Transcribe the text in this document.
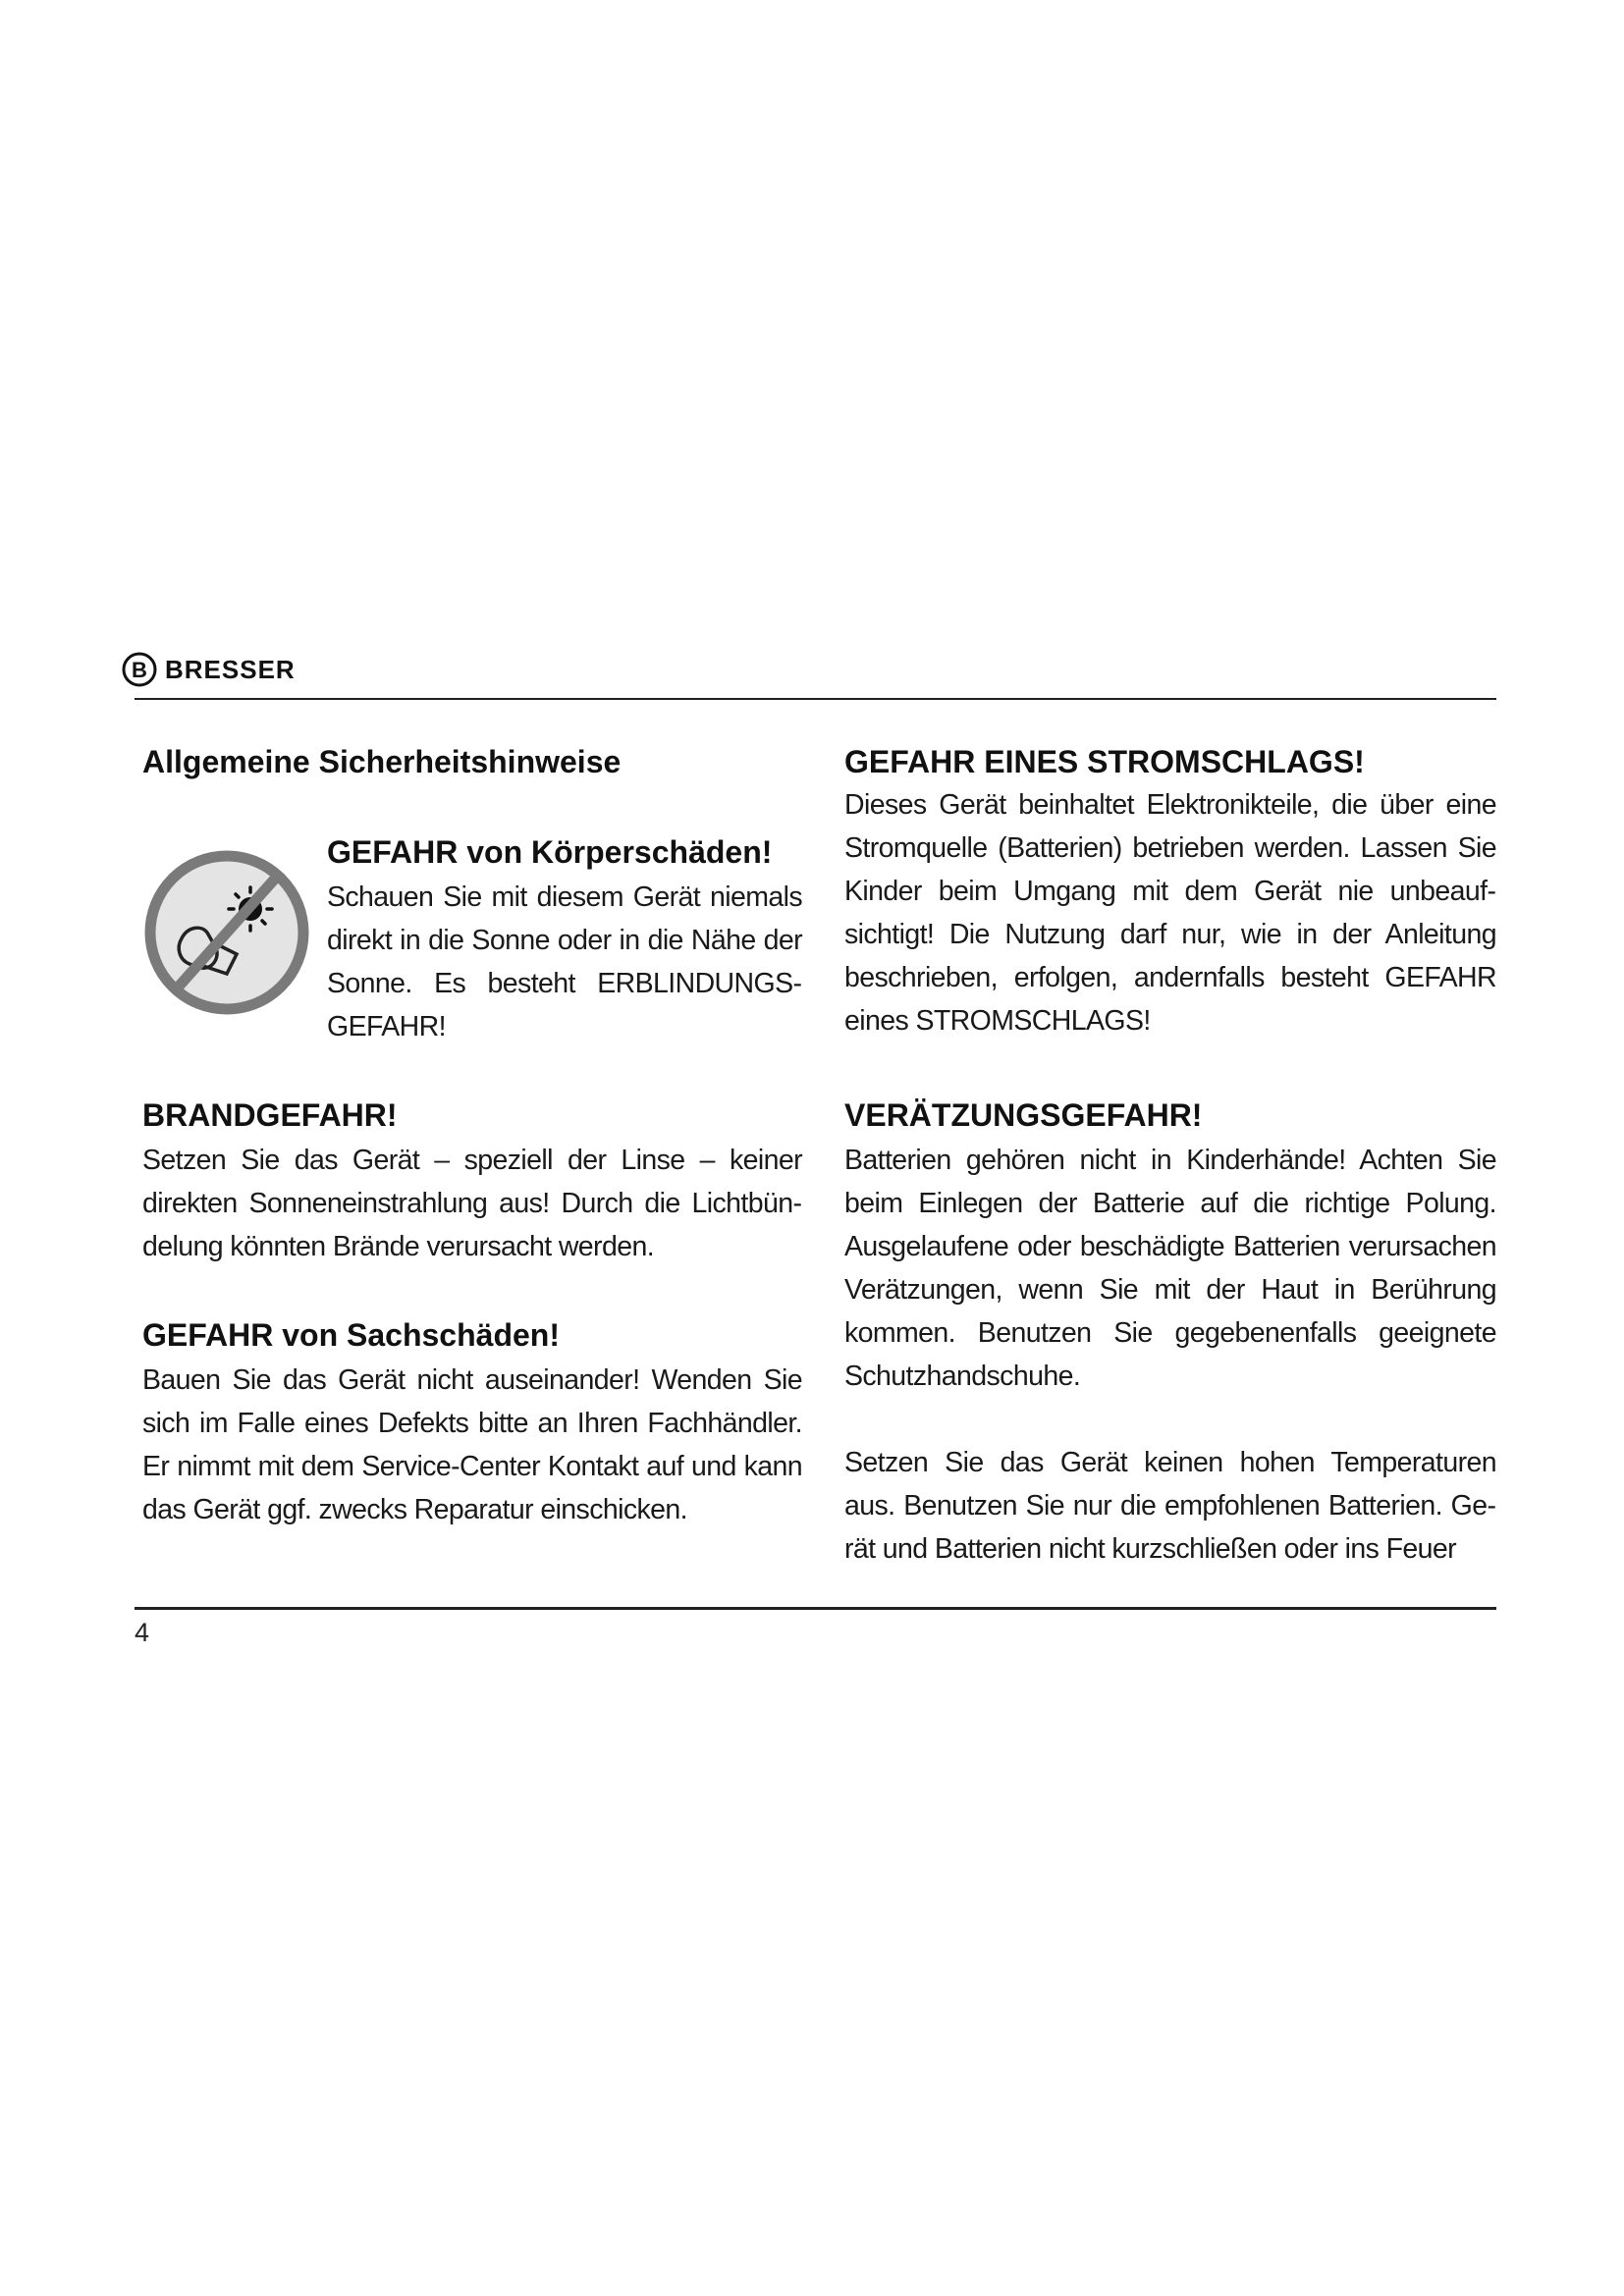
B BRESSER
Allgemeine Sicherheitshinweise
GEFAHR von Körperschäden!

Schauen Sie mit diesem Gerät niemals direkt in die Sonne oder in die Nähe der Sonne. Es besteht ERBLINDUNGSGEFAHR!

BRANDGEFAHR!

Setzen Sie das Gerät – speziell der Linse – keiner direkten Sonneneinstrahlung aus! Durch die Lichtbündelung könnten Brände verursacht werden.

GEFAHR von Sachschäden!

Bauen Sie das Gerät nicht auseinander! Wenden Sie sich im Falle eines Defekts bitte an Ihren Fachhändler. Er nimmt mit dem Service-Center Kontakt auf und kann das Gerät ggf. zwecks Reparatur einschicken.

GEFAHR EINES STROMSCHLAGS!

Dieses Gerät beinhaltet Elektronikteile, die über eine Stromquelle (Batterien) betrieben werden. Lassen Sie Kinder beim Umgang mit dem Gerät nie unbeaufsichtigt! Die Nutzung darf nur, wie in der Anleitung beschrieben, erfolgen, andernfalls besteht GEFAHR eines STROMSCHLAGS!

VERÄTZUNGSGEFAHR!

Batterien gehören nicht in Kinderhände! Achten Sie beim Einlegen der Batterie auf die richtige Polung. Ausgelaufene oder beschädigte Batterien verursachen Verätzungen, wenn Sie mit der Haut in Berührung kommen. Benutzen Sie gegebenenfalls geeignete Schutzhandschuhe.

Setzen Sie das Gerät keinen hohen Temperaturen aus. Benutzen Sie nur die empfohlenen Batterien. Gerät und Batterien nicht kurzschließen oder ins Feuer

4
